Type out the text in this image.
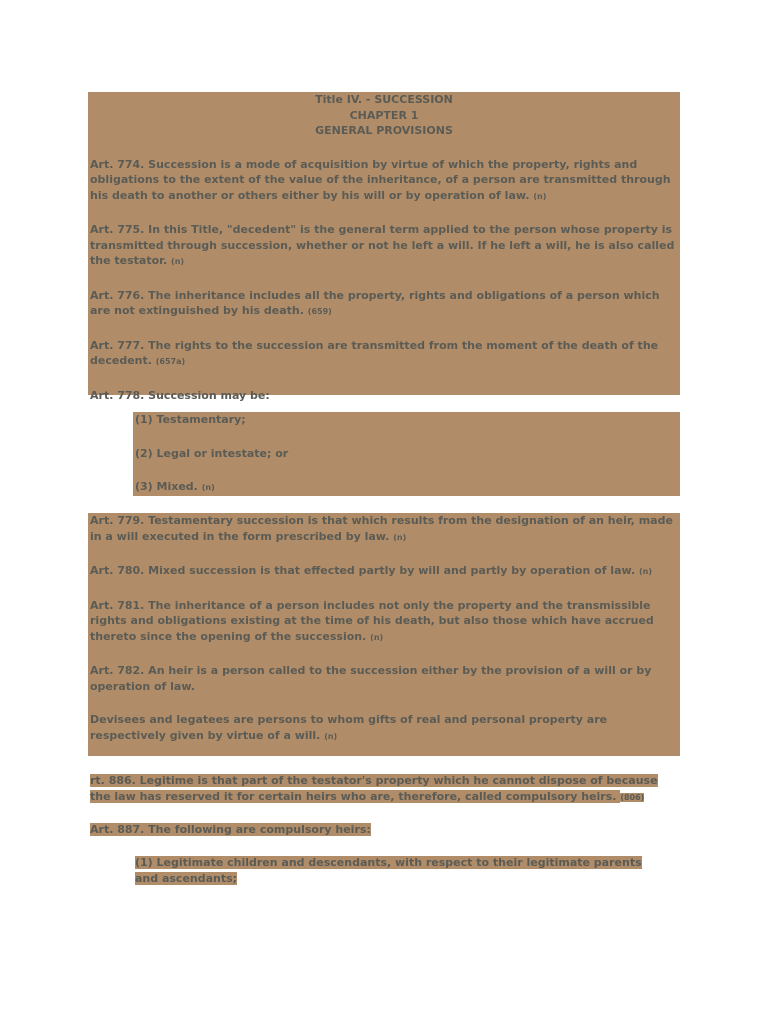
Title IV. - SUCCESSION

CHAPTER 1

GENERAL PROVISIONS

Art. 774. Succession is a mode of acquisition by virtue of which the property, rights and obligations to the extent of the value of the inheritance, of a person are transmitted through his death to another or others either by his will or by operation of law. (n)

Art. 775. In this Title, "decedent" is the general term applied to the person whose property is transmitted through succession, whether or not he left a will. If he left a will, he is also called the testator. (n)

Art. 776. The inheritance includes all the property, rights and obligations of a person which are not extinguished by his death. (659)

Art. 777. The rights to the succession are transmitted from the moment of the death of the decedent. (657a)

Art. 778. Succession may be:

(1) Testamentary;

(2) Legal or intestate; or

(3) Mixed. (n)

Art. 779. Testamentary succession is that which results from the designation of an heir, made in a will executed in the form prescribed by law. (n)

Art. 780. Mixed succession is that effected partly by will and partly by operation of law. (n)

Art. 781. The inheritance of a person includes not only the property and the transmissible rights and obligations existing at the time of his death, but also those which have accrued thereto since the opening of the succession. (n)

Art. 782. An heir is a person called to the succession either by the provision of a will or by operation of law.

Devisees and legatees are persons to whom gifts of real and personal property are respectively given by virtue of a will. (n)

rt. 886. Legitime is that part of the testator's property which he cannot dispose of because the law has reserved it for certain heirs who are, therefore, called compulsory heirs. (806)

Art. 887. The following are compulsory heirs:

(1) Legitimate children and descendants, with respect to their legitimate parents and ascendants;
